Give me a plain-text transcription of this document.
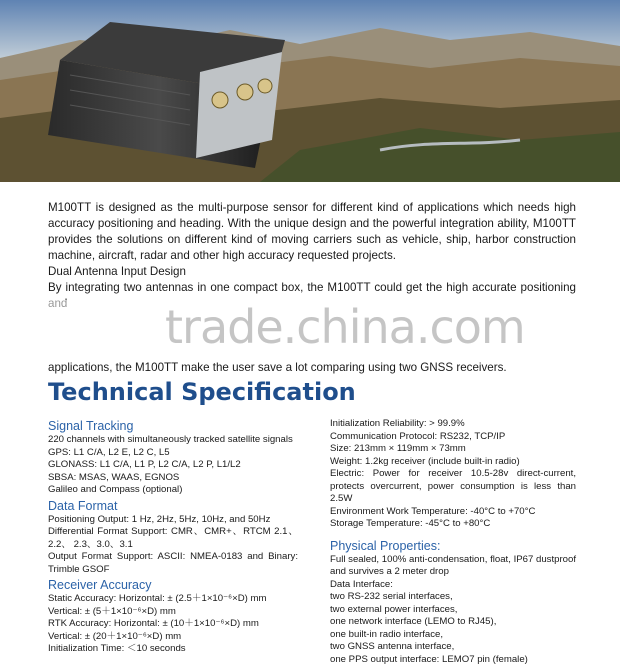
M100TT is designed as the multi-purpose sensor for different kind of applications which needs high accuracy positioning and heading. With the unique design and the powerful integration ability, M100TT provides the solutions on different kind of moving carriers such as vehicle, ship, harbor construction machine, aircraft, radar and other high accuracy requested projects.

Dual Antenna Input Design

By integrating two antennas in one compact box, the M100TT could get the high accurate positioning

applications, the M100TT make the user save a lot comparing using two GNSS receivers.

trade.china.com
Technical Specification
Signal Tracking
220 channels with simultaneously tracked satellite signals
GPS: L1 C/A, L2 E, L2 C, L5
GLONASS: L1 C/A, L1 P, L2 C/A, L2 P, L1/L2
SBSA: MSAS, WAAS, EGNOS
Galileo and Compass (optional)
Data Format
Positioning Output: 1 Hz, 2Hz, 5Hz, 10Hz, and 50Hz
Differential Format Support: CMR、CMR+、RTCM 2.1、2.2、 2.3、3.0、3.1
Output Format Support: ASCII: NMEA-0183 and Binary: Trimble GSOF
Receiver Accuracy
Static Accuracy: Horizontal: ± (2.5＋1×10⁻⁶×D) mm
Vertical: ± (5＋1×10⁻⁶×D) mm
RTK Accuracy: Horizontal: ± (10＋1×10⁻⁶×D) mm
Vertical: ± (20＋1×10⁻⁶×D) mm
Initialization Time: ＜10 seconds
Initialization Reliability: > 99.9%
Communication Protocol: RS232, TCP/IP
Size: 213mm × 119mm × 73mm
Weight: 1.2kg receiver (include built-in radio)
Electric: Power for receiver 10.5-28v direct-current, protects overcurrent, power consumption is less than 2.5W
Environment Work Temperature: -40°C to +70°C
Storage Temperature: -45°C to +80°C
Physical Properties:
Full sealed, 100% anti-condensation, float, IP67 dustproof and survives a 2 meter drop
Data Interface:
two RS-232 serial interfaces,
two external power interfaces,
one network interface (LEMO to RJ45),
one built-in radio interface,
two GNSS antenna interface,
one PPS output interface: LEMO7 pin (female)
